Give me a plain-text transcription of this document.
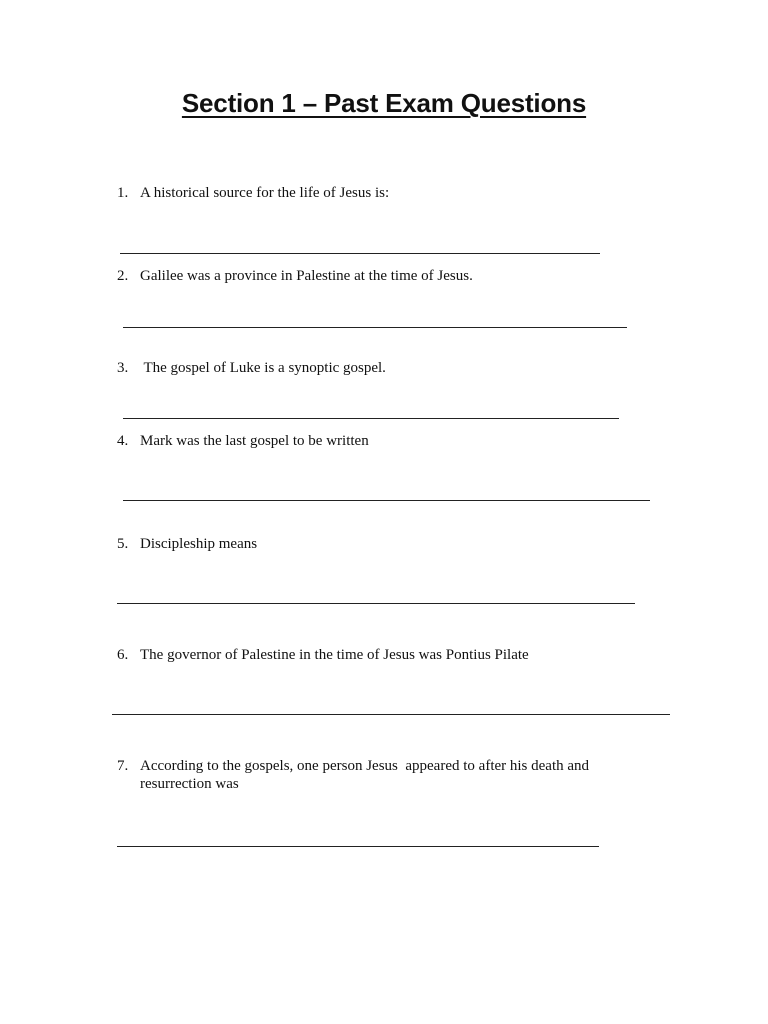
Section 1 – Past Exam Questions
1. A historical source for the life of Jesus is:
2. Galilee was a province in Palestine at the time of Jesus.
3. The gospel of Luke is a synoptic gospel.
4. Mark was the last gospel to be written
5. Discipleship means
6. The governor of Palestine in the time of Jesus was Pontius Pilate
7. According to the gospels, one person Jesus  appeared to after his death and resurrection was
